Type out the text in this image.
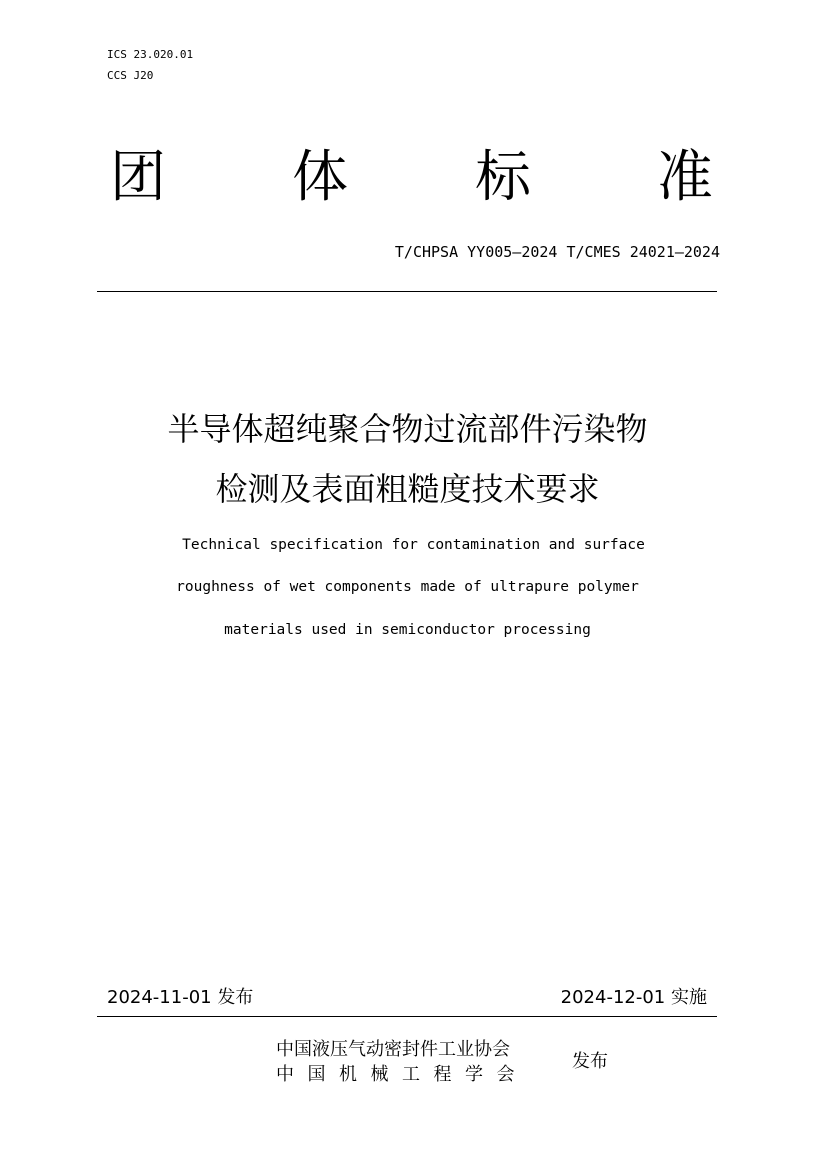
ICS 23.020.01
CCS J20
团 体 标 准
T/CHPSA YY005—2024 T/CMES 24021—2024
半导体超纯聚合物过流部件污染物
检测及表面粗糙度技术要求
Technical specification for contamination and surface
roughness of wet components made of ultrapure polymer
materials used in semiconductor processing
2024-11-01 发布	2024-12-01 实施
中国液压气动密封件工业协会
中国机械工程学会
发布
